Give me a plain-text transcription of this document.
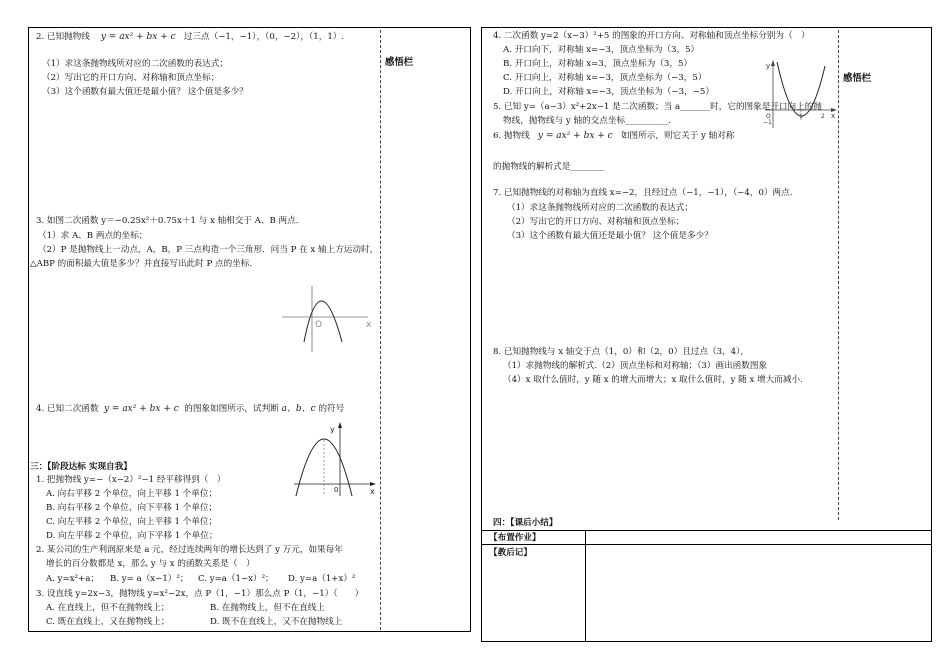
感悟栏
2. 已知抛物线 y = ax² + bx + c 过三点（−1，−1），（0，−2），（1，1）.
（1）求这条抛物线所对应的二次函数的表达式；
（2）写出它的开口方向、对称轴和顶点坐标；
（3）这个函数有最大值还是最小值？ 这个值是多少？
3. 如图二次函数 y＝−0.25x²＋0.75x＋1 与 x 轴相交于 A、B 两点.
（1）求 A、B 两点的坐标；
（2）P 是抛物线上一动点，A，B，P 三点构造一个三角形．问当 P 在 x 轴上方运动时，
△ABP 的面积最大值是多少？并直接写出此时 P 点的坐标.
O	x
4. 已知二次函数 y = ax² + bx + c 的图象如图所示，试判断 a、b、c 的符号
y
0	x
三：【阶段达标 实现自我】
1. 把抛物线 y=−（x−2）²−1 经平移得到（　）
A. 向右平移 2 个单位，向上平移 1 个单位；
B. 向右平移 2 个单位，向下平移 1 个单位；
C. 向左平移 2 个单位，向上平移 1 个单位；
D. 向左平移 2 个单位，向下平移 1 个单位；
2. 某公司的生产利润原来是 a 元，经过连续两年的增长达到了 y 万元，如果每年
增长的百分数都是 x，那么 y 与 x 的函数关系是（　）
A. y=x²+a； B. y= a（x−1）²； C. y=a（1−x）²； D. y=a（1+x）²
3. 设直线 y=2x−3，抛物线 y=x²−2x，点 P（1，−1）那么点 P（1，−1）（　　）
A. 在直线上，但不在抛物线上；	B. 在抛物线上，但不在直线上
C. 既在直线上，又在抛物线上；	D. 既不在直线上，又不在抛物线上
感悟栏
4. 二次函数 y=2（x−3）²+5 的图象的开口方向、对称轴和顶点坐标分别为（　）
A. 开口向下，对称轴 x=−3，顶点坐标为（3，5）
B. 开口向上，对称轴 x=3，顶点坐标为（3，5）
C. 开口向上，对称轴 x=−3，顶点坐标为（−3，5）
D. 开口向上，对称轴 x=−3，顶点坐标为（−3，−5）
5. 已知 y=（a−3）x²+2x−1 是二次函数；当 a_______时，它的图象是开口向上的抛
物线，抛物线与 y 轴的交点坐标__________.
6. 抛物线 y = ax² + bx + c 如图所示，则它关于 y 轴对称
的抛物线的解析式是________
y
O	1	2 x
−1
7. 已知抛物线的对称轴为直线 x=−2，且经过点（−1，−1），（−4，0）两点.
（1）求这条抛物线所对应的二次函数的表达式；
（2）写出它的开口方向、对称轴和顶点坐标；
（3）这个函数有最大值还是最小值？ 这个值是多少？
8. 已知抛物线与 x 轴交于点（1，0）和（2，0）且过点（3，4），
（1）求抛物线的解析式.（2）顶点坐标和对称轴；（3）画出函数图象
（4）x 取什么值时，y 随 x 的增大而增大；x 取什么值时，y 随 x 增大而减小.
四：【课后小结】
【布置作业】
【教后记】
